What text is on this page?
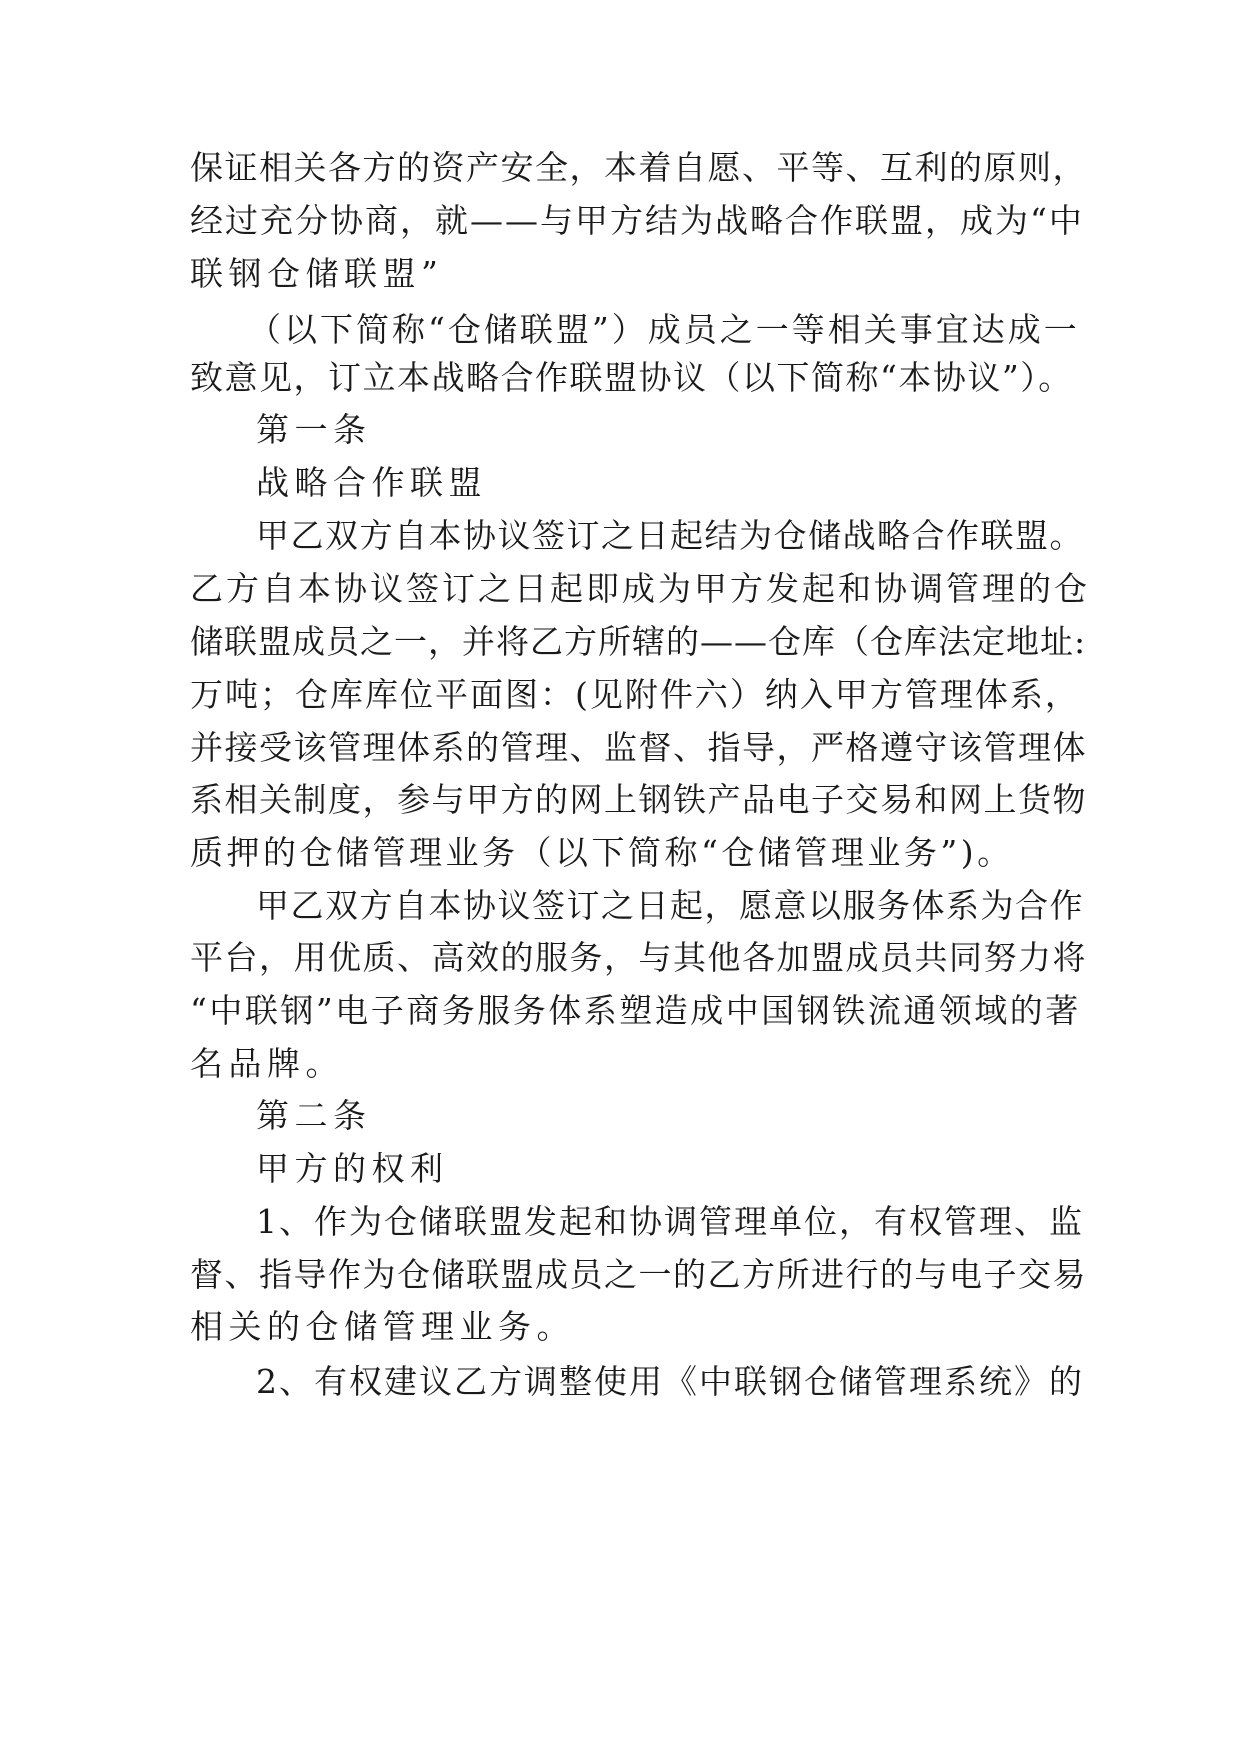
保证相关各方的资产安全，本着自愿、平等、互利的原则，
经过充分协商，就——与甲方结为战略合作联盟，成为“中
联钢仓储联盟”
（以下简称“仓储联盟”）成员之一等相关事宜达成一
致意见，订立本战略合作联盟协议（以下简称“本协议”）。
第一条
战略合作联盟
甲乙双方自本协议签订之日起结为仓储战略合作联盟。
乙方自本协议签订之日起即成为甲方发起和协调管理的仓
储联盟成员之一，并将乙方所辖的——仓库（仓库法定地址:
万吨；仓库库位平面图：(见附件六）纳入甲方管理体系，
并接受该管理体系的管理、监督、指导，严格遵守该管理体
系相关制度，参与甲方的网上钢铁产品电子交易和网上货物
质押的仓储管理业务（以下简称“仓储管理业务”)。
甲乙双方自本协议签订之日起，愿意以服务体系为合作
平台，用优质、高效的服务，与其他各加盟成员共同努力将
“中联钢”电子商务服务体系塑造成中国钢铁流通领域的著
名品牌。
第二条
甲方的权利
1、作为仓储联盟发起和协调管理单位，有权管理、监
督、指导作为仓储联盟成员之一的乙方所进行的与电子交易
相关的仓储管理业务。
2、有权建议乙方调整使用《中联钢仓储管理系统》的
